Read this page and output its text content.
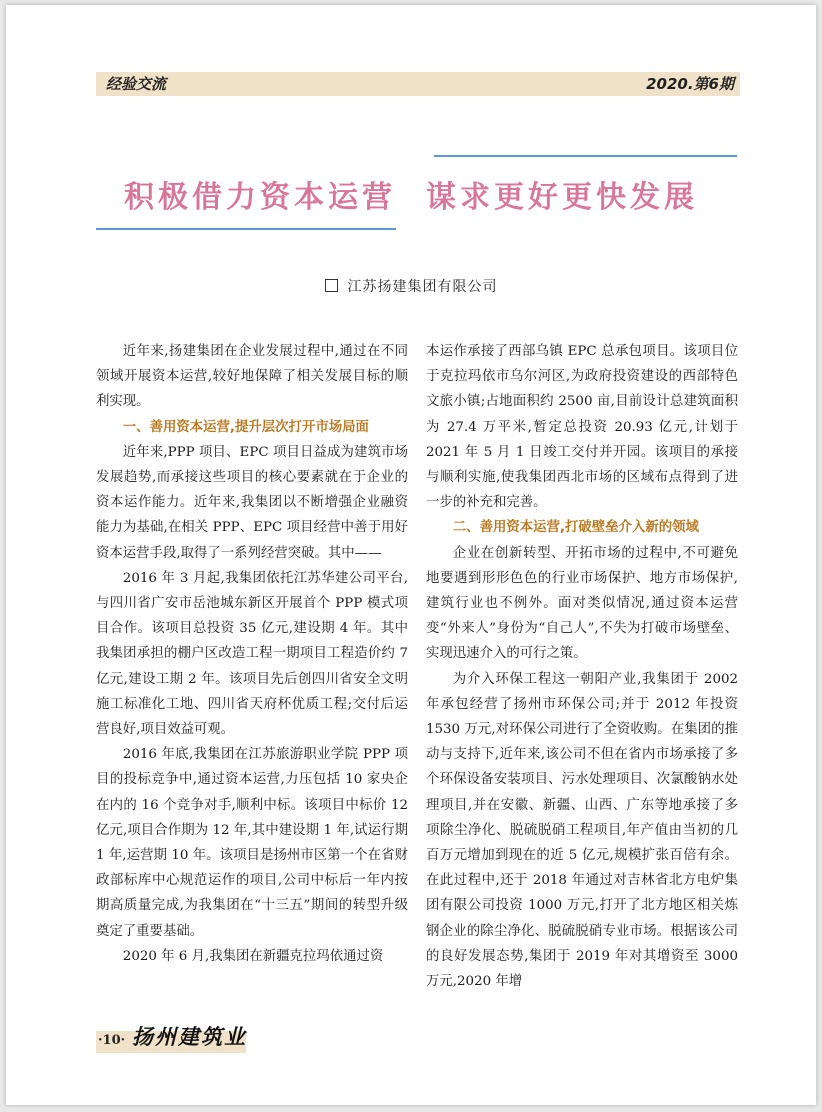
经验交流	2020.第6期
积极借力资本运营 谋求更好更快发展
江苏扬建集团有限公司

近年来,扬建集团在企业发展过程中,通过在不同领域开展资本运营,较好地保障了相关发展目标的顺利实现。

一、善用资本运营,提升层次打开市场局面

近年来,PPP 项目、EPC 项目日益成为建筑市场发展趋势,而承接这些项目的核心要素就在于企业的资本运作能力。近年来,我集团以不断增强企业融资能力为基础,在相关 PPP、EPC 项目经营中善于用好资本运营手段,取得了一系列经营突破。其中——

2016 年 3 月起,我集团依托江苏华建公司平台,与四川省广安市岳池城东新区开展首个 PPP 模式项目合作。该项目总投资 35 亿元,建设期 4 年。其中我集团承担的棚户区改造工程一期项目工程造价约 7 亿元,建设工期 2 年。该项目先后创四川省安全文明施工标准化工地、四川省天府杯优质工程;交付后运营良好,项目效益可观。

2016 年底,我集团在江苏旅游职业学院 PPP 项目的投标竞争中,通过资本运营,力压包括 10 家央企在内的 16 个竞争对手,顺利中标。该项目中标价 12 亿元,项目合作期为 12 年,其中建设期 1 年,试运行期 1 年,运营期 10 年。该项目是扬州市区第一个在省财政部标库中心规范运作的项目,公司中标后一年内按期高质量完成,为我集团在“十三五”期间的转型升级奠定了重要基础。

2020 年 6 月,我集团在新疆克拉玛依通过资

本运作承接了西部乌镇 EPC 总承包项目。该项目位于克拉玛依市乌尔河区,为政府投资建设的西部特色文旅小镇;占地面积约 2500 亩,目前设计总建筑面积为 27.4 万平米,暂定总投资 20.93 亿元,计划于 2021 年 5 月 1 日竣工交付并开园。该项目的承接与顺利实施,使我集团西北市场的区域布点得到了进一步的补充和完善。

二、善用资本运营,打破壁垒介入新的领域

企业在创新转型、开拓市场的过程中,不可避免地要遇到形形色色的行业市场保护、地方市场保护,建筑行业也不例外。面对类似情况,通过资本运营变“外来人”身份为“自己人”,不失为打破市场壁垒、实现迅速介入的可行之策。

为介入环保工程这一朝阳产业,我集团于 2002 年承包经营了扬州市环保公司;并于 2012 年投资 1530 万元,对环保公司进行了全资收购。在集团的推动与支持下,近年来,该公司不但在省内市场承接了多个环保设备安装项目、污水处理项目、次氯酸钠水处理项目,并在安徽、新疆、山西、广东等地承接了多项除尘净化、脱硫脱硝工程项目,年产值由当初的几百万元增加到现在的近 5 亿元,规模扩张百倍有余。在此过程中,还于 2018 年通过对吉林省北方电炉集团有限公司投资 1000 万元,打开了北方地区相关炼钢企业的除尘净化、脱硫脱硝专业市场。根据该公司的良好发展态势,集团于 2019 年对其增资至 3000 万元,2020 年增

·10· 扬州建筑业
